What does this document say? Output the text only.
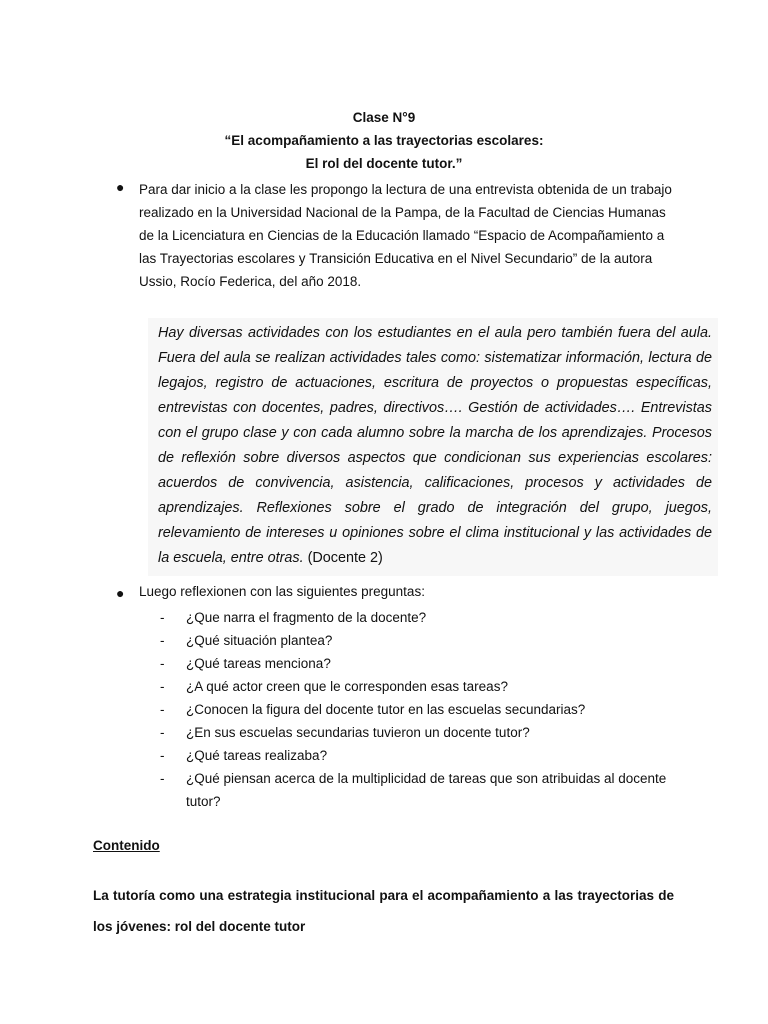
Clase N°9
“El acompañamiento a las trayectorias escolares:
El rol del docente tutor.”
● Para dar inicio a la clase les propongo la lectura de una entrevista obtenida de un trabajo realizado en la Universidad Nacional de la Pampa, de la Facultad de Ciencias Humanas de la Licenciatura en Ciencias de la Educación llamado “Espacio de Acompañamiento a las Trayectorias escolares y Transición Educativa en el Nivel Secundario” de la autora Ussio, Rocío Federica, del año 2018.

Hay diversas actividades con los estudiantes en el aula pero también fuera del aula. Fuera del aula se realizan actividades tales como: sistematizar información, lectura de legajos, registro de actuaciones, escritura de proyectos o propuestas específicas, entrevistas con docentes, padres, directivos…. Gestión de actividades…. Entrevistas con el grupo clase y con cada alumno sobre la marcha de los aprendizajes. Procesos de reflexión sobre diversos aspectos que condicionan sus experiencias escolares: acuerdos de convivencia, asistencia, calificaciones, procesos y actividades de aprendizajes. Reflexiones sobre el grado de integración del grupo, juegos, relevamiento de intereses u opiniones sobre el clima institucional y las actividades de la escuela, entre otras. (Docente 2)

● Luego reflexionen con las siguientes preguntas:
- ¿Que narra el fragmento de la docente?
- ¿Qué situación plantea?
- ¿Qué tareas menciona?
- ¿A qué actor creen que le corresponden esas tareas?
- ¿Conocen la figura del docente tutor en las escuelas secundarias?
- ¿En sus escuelas secundarias tuvieron un docente tutor?
- ¿Qué tareas realizaba?
- ¿Qué piensan acerca de la multiplicidad de tareas que son atribuidas al docente tutor?
Contenido

La tutoría como una estrategia institucional para el acompañamiento a las trayectorias de los jóvenes: rol del docente tutor
